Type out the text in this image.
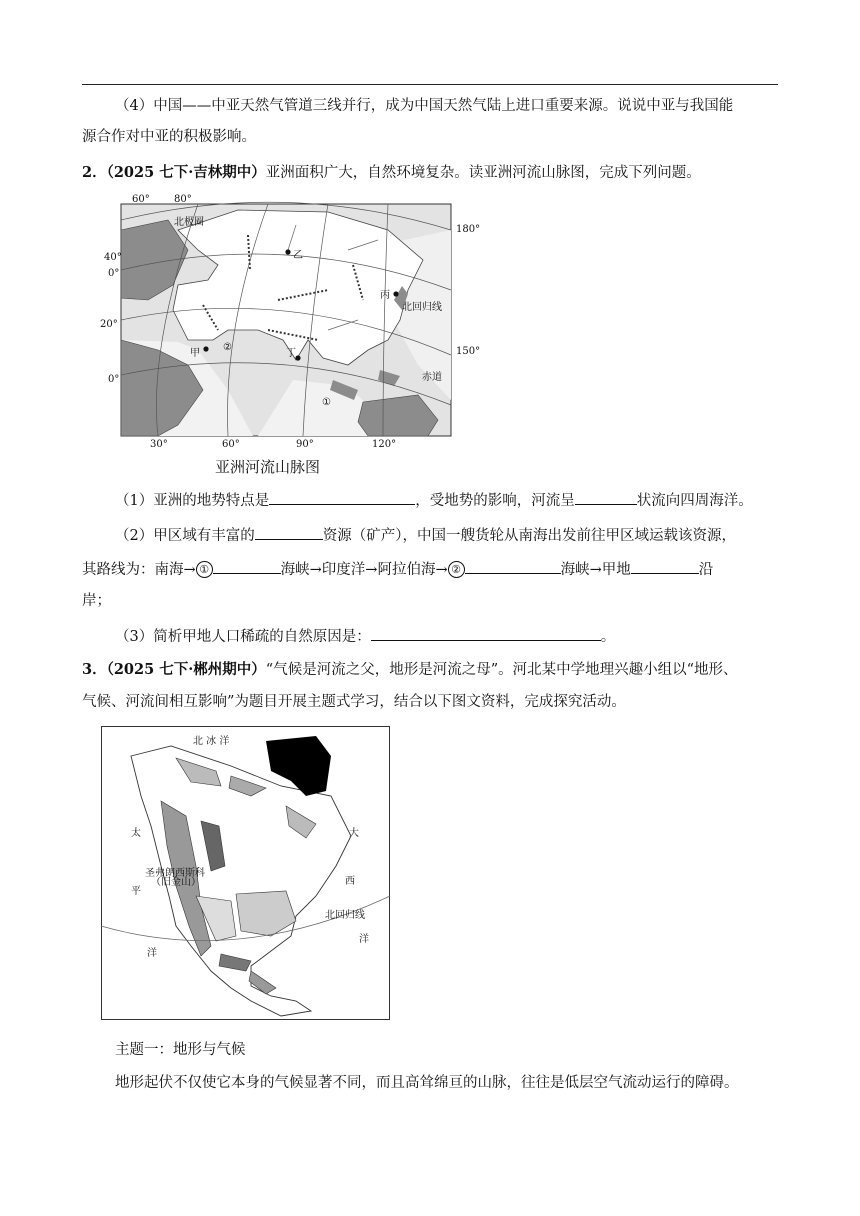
（4）中国——中亚天然气管道三线并行，成为中国天然气陆上进口重要来源。说说中亚与我国能
源合作对中亚的积极影响。
2．（2025 七下·吉林期中）亚洲面积广大，自然环境复杂。读亚洲河流山脉图，完成下列问题。
60° 80°
180°
150°
40°
0°
20°
0°
30°	60°	90°	120°
北极圈
北回归线
赤道
乙
丙
甲
②
丁
①
亚洲河流山脉图
（1）亚洲的地势特点是	，受地势的影响，河流呈	状流向四周海洋。
（2）甲区域有丰富的	资源（矿产），中国一艘货轮从南海出发前往甲区域运载该资源，
其路线为：南海→ ①	海峡→印度洋→阿拉伯海→ ②	海峡→甲地	沿
岸；
（3）简析甲地人口稀疏的自然原因是：	。
3．（2025 七下·郴州期中）“气候是河流之父，地形是河流之母”。河北某中学地理兴趣小组以“地形、
气候、河流间相互影响”为题目开展主题式学习，结合以下图文资料，完成探究活动。
北 冰 洋
太
平
洋
大
西
洋
圣弗朗西斯科
（旧金山）
北回归线
主题一：地形与气候
地形起伏不仅使它本身的气候显著不同，而且高耸绵亘的山脉，往往是低层空气流动运行的障碍。
